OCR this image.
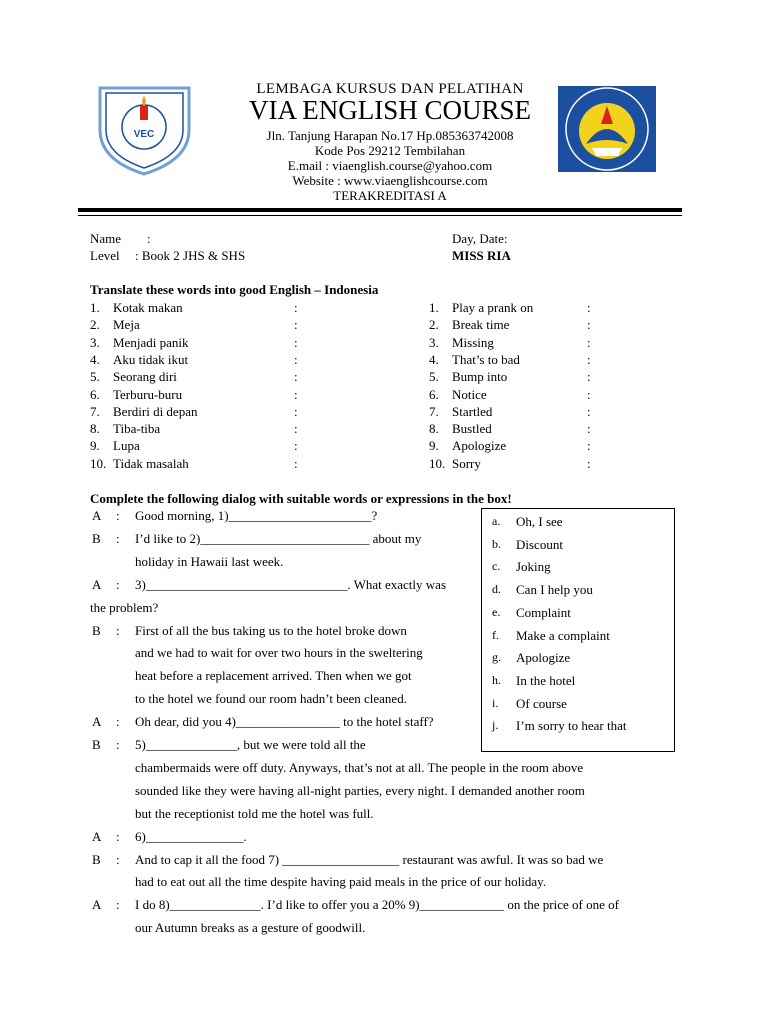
VEC
LEMBAGA KURSUS DAN PELATIHAN
VIA ENGLISH COURSE
Jln. Tanjung Harapan No.17 Hp.085363742008
Kode Pos 29212 Tembilahan
E.mail : viaenglish.course@yahoo.com
Website : www.viaenglishcourse.com
TERAKREDITASI A
Name :
Level : Book 2 JHS & SHS
Day, Date:
MISS RIA
Translate these words into good English – Indonesia
1. Kotak makan	:
2. Meja	:
3. Menjadi panik	:
4. Aku tidak ikut	:
5. Seorang diri	:
6. Terburu-buru	:
7. Berdiri di depan	:
8. Tiba-tiba	:
9. Lupa	:
10. Tidak masalah	:
1. Play a prank on	:
2. Break time	:
3. Missing	:
4. That’s to bad	:
5. Bump into	:
6. Notice	:
7. Startled	:
8. Bustled	:
9. Apologize	:
10. Sorry	:
Complete the following dialog with suitable words or expressions in the box!
A : Good morning, 1)______________________?
B : I’d like to 2)__________________________ about my
holiday in Hawaii last week.
A : 3)_______________________________. What exactly was
the problem?
B : First of all the bus taking us to the hotel broke down
and we had to wait for over two hours in the sweltering
heat before a replacement arrived. Then when we got
to the hotel we found our room hadn’t been cleaned.
A : Oh dear, did you 4)________________ to the hotel staff?
B : 5)______________, but we were told all the
chambermaids were off duty. Anyways, that’s not at all. The people in the room above
sounded like they were having all-night parties, every night. I demanded another room
but the receptionist told me the hotel was full.
A : 6)_______________.
B : And to cap it all the food 7) __________________ restaurant was awful. It was so bad we
had to eat out all the time despite having paid meals in the price of our holiday.
A : I do 8)______________. I’d like to offer you a 20% 9)_____________ on the price of one of
our Autumn breaks as a gesture of goodwill.
a. Oh, I see
b. Discount
c. Joking
d. Can I help you
e. Complaint
f. Make a complaint
g. Apologize
h. In the hotel
i. Of course
j. I’m sorry to hear that
